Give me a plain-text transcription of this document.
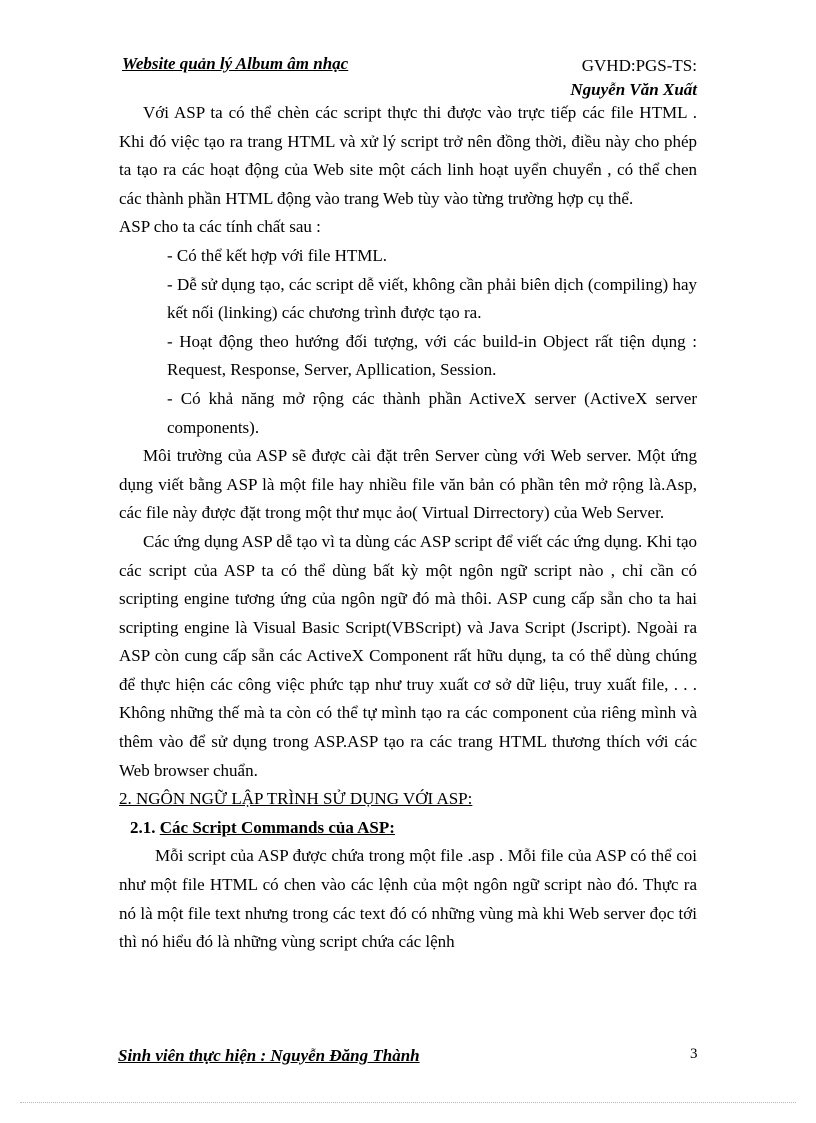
Website quản lý Album âm nhạc	GVHD:PGS-TS:
Nguyễn Văn Xuất

Với ASP ta có thể chèn các script thực thi được vào trực tiếp các file HTML . Khi đó việc tạo ra trang HTML và xử lý script trở nên đồng thời, điều này cho phép ta tạo ra các hoạt động của Web site một cách linh hoạt uyển chuyển , có thể chen các thành phần HTML động vào trang Web tùy vào từng trường hợp cụ thể.

ASP cho ta các tính chất sau :

- Có thể kết hợp với file HTML.

- Dễ sử dụng tạo, các script dễ viết, không cần phải biên dịch (compiling) hay kết nối (linking) các chương trình được tạo ra.

- Hoạt động theo hướng đối tượng, với các build-in Object rất tiện dụng : Request, Response, Server, Apllication, Session.

- Có khả năng mở rộng các thành phần ActiveX server (ActiveX server components).

Môi trường của ASP sẽ được cài đặt trên Server cùng với Web server. Một ứng dụng viết bằng ASP là một file hay nhiều file văn bản có phần tên mở rộng là.Asp, các file này được đặt trong một thư mục ảo( Virtual Dirrectory) của Web Server.

Các ứng dụng ASP dễ tạo vì ta dùng các ASP script để viết các ứng dụng. Khi tạo các script của ASP ta có thể dùng bất kỳ một ngôn ngữ script nào , chỉ cần có scripting engine tương ứng của ngôn ngữ đó mà thôi. ASP cung cấp sẵn cho ta hai scripting engine là Visual Basic Script(VBScript) và Java Script (Jscript). Ngoài ra ASP còn cung cấp sẵn các ActiveX Component rất hữu dụng, ta có thể dùng chúng để thực hiện các công việc phức tạp như truy xuất cơ sở dữ liệu, truy xuất file, . . . Không những thế mà ta còn có thể tự mình tạo ra các component của riêng mình và thêm vào để sử dụng trong ASP.ASP tạo ra các trang HTML thương thích với các Web browser chuẩn.

2. NGÔN NGỮ LẬP TRÌNH SỬ DỤNG VỚI ASP:

2.1. Các Script Commands của ASP:

Mỗi script của ASP được chứa trong một file .asp . Mỗi file của ASP có thể coi như một file HTML có chen vào các lệnh của một ngôn ngữ script nào đó. Thực ra nó là một file text nhưng trong các text đó có những vùng mà khi Web server đọc tới thì nó hiểu đó là những vùng script chứa các lệnh

Sinh viên thực hiện : Nguyễn Đăng Thành	3
